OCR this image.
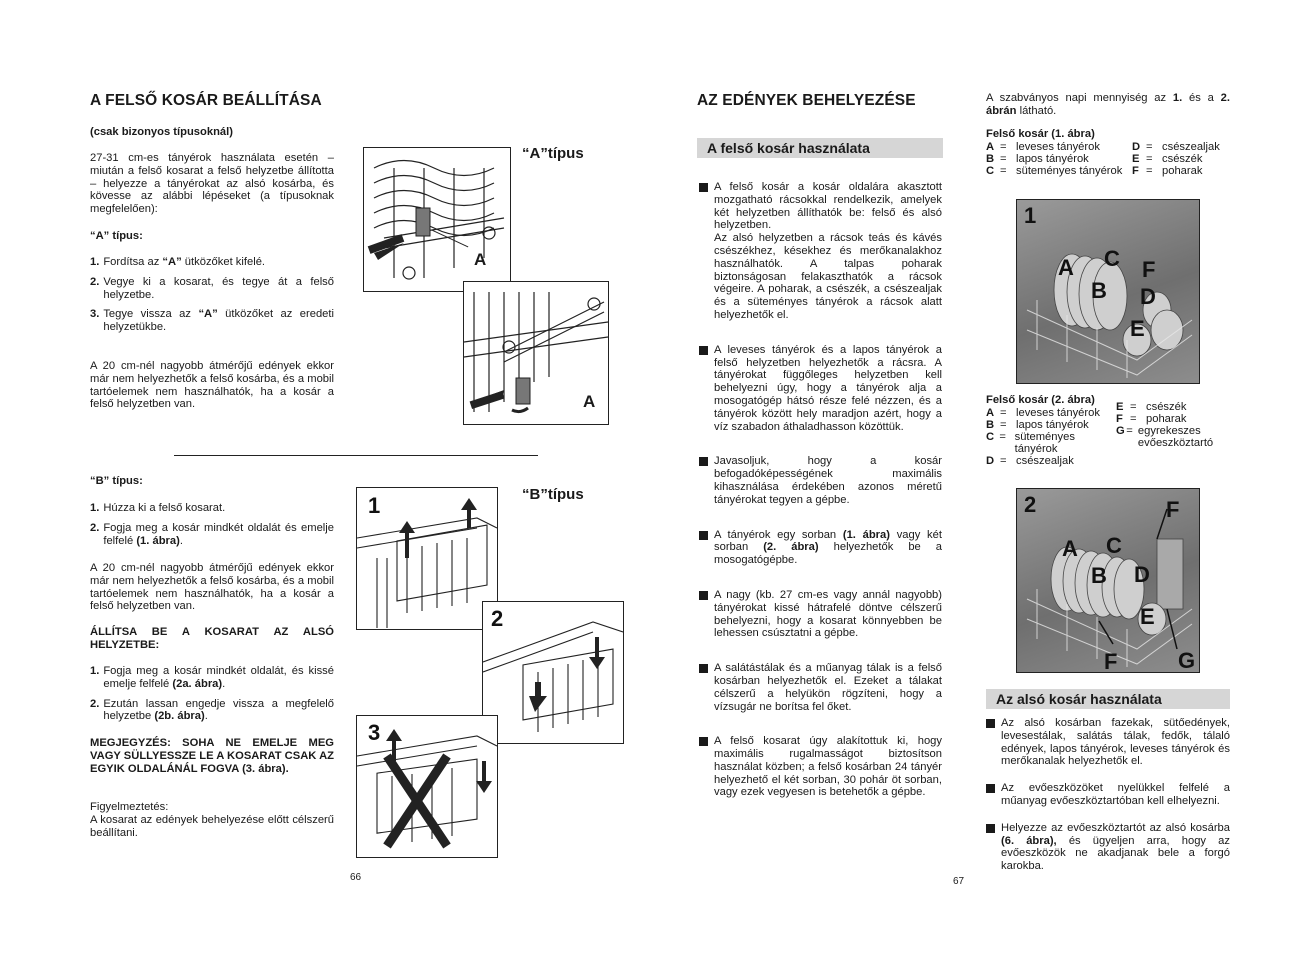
A FELSŐ KOSÁR BEÁLLÍTÁSA
(csak bizonyos típusoknál)
27-31 cm-es tányérok használata esetén – miután a felső kosarat a felső helyzetbe állította – helyezze a tányérokat az alsó kosárba, és kövesse az alábbi lépéseket (a típusoknak megfelelően):
“A” típus:
1. Fordítsa az “A” ütközőket kifelé.
2. Vegye ki a kosarat, és tegye át a felső helyzetbe.
3. Tegye vissza az “A” ütközőket az eredeti helyzetükbe.
A 20 cm-nél nagyobb átmérőjű edények ekkor már nem helyezhetők a felső kosárba, és a mobil tartóelemek nem használhatók, ha a kosár a felső helyzetben van.
“B” típus:
1. Húzza ki a felső kosarat.
2. Fogja meg a kosár mindkét oldalát és emelje felfelé (1. ábra).
A 20 cm-nél nagyobb átmérőjű edények ekkor már nem helyezhetők a felső kosárba, és a mobil tartóelemek nem használhatók, ha a kosár a felső helyzetben van.
ÁLLÍTSA BE A KOSARAT AZ ALSÓ HELYZETBE:
1. Fogja meg a kosár mindkét oldalát, és kissé emelje felfelé (2a. ábra).
2. Ezután lassan engedje vissza a megfelelő helyzetbe (2b. ábra).
MEGJEGYZÉS: SOHA NE EMELJE MEG VAGY SÜLLYESSZE LE A KOSARAT CSAK AZ EGYIK OLDALÁNÁL FOGVA (3. ábra).
Figyelmeztetés:
A kosarat az edények behelyezése előtt célszerű beállítani.
“A”típus
A
A
“B”típus
1
2
3
66
AZ EDÉNYEK BEHELYEZÉSE
A felső kosár használata
A felső kosár a kosár oldalára akasztott mozgatható rácsokkal rendelkezik, amelyek két helyzetben állíthatók be: felső és alsó helyzetben.
Az alsó helyzetben a rácsok teás és kávés csészékhez, késekhez és merőkanalakhoz használhatók. A talpas poharak biztonságosan felakaszthatók a rácsok végeire. A poharak, a csészék, a csészealjak és a süteményes tányérok a rácsok alatt helyezhetők el.
A leveses tányérok és a lapos tányérok a felső helyzetben helyezhetők a rácsra. A tányérokat függőleges helyzetben kell behelyezni úgy, hogy a tányérok alja a mosogatógép hátsó része felé nézzen, és a tányérok között hely maradjon azért, hogy a víz szabadon áthaladhasson közöttük.
Javasoljuk, hogy a kosár befogadóképességének maximális kihasználása érdekében azonos méretű tányérokat tegyen a gépbe.
A tányérok egy sorban (1. ábra) vagy két sorban (2. ábra) helyezhetők be a mosogatógépbe.
A nagy (kb. 27 cm-es vagy annál nagyobb) tányérokat kissé hátrafelé döntve célszerű behelyezni, hogy a kosarat könnyebben be lehessen csúsztatni a gépbe.
A salátástálak és a műanyag tálak is a felső kosárban helyezhetők el. Ezeket a tálakat célszerű a helyükön rögzíteni, hogy a vízsugár ne borítsa fel őket.
A felső kosarat úgy alakítottuk ki, hogy maximális rugalmasságot biztosítson használat közben; a felső kosárban 24 tányér helyezhető el két sorban, 30 pohár öt sorban, vagy ezek vegyesen is betehetők a gépbe.
67
A szabványos napi mennyiség az 1. és a 2. ábrán látható.
Felső kosár (1. ábra)
A = leveses tányérok
B = lapos tányérok
C = süteményes tányérok
D = csészealjak
E = csészék
F = poharak
1
A
B
C
D
E
F
Felső kosár (2. ábra)
A = leveses tányérok
B = lapos tányérok
C = süteményes tányérok
D = csészealjak
E = csészék
F = poharak
G = egyrekeszes evőeszköztartó
2
A
B
C
D
E
F
F	G
Az alsó kosár használata
Az alsó kosárban fazekak, sütőedények, levesestálak, salátás tálak, fedők, tálaló edények, lapos tányérok, leveses tányérok és merőkanalak helyezhetők el.
Az evőeszközöket nyelükkel felfelé a műanyag evőeszköztartóban kell elhelyezni.
Helyezze az evőeszköztartót az alsó kosárba (6. ábra), és ügyeljen arra, hogy az evőeszközök ne akadjanak bele a forgó karokba.
